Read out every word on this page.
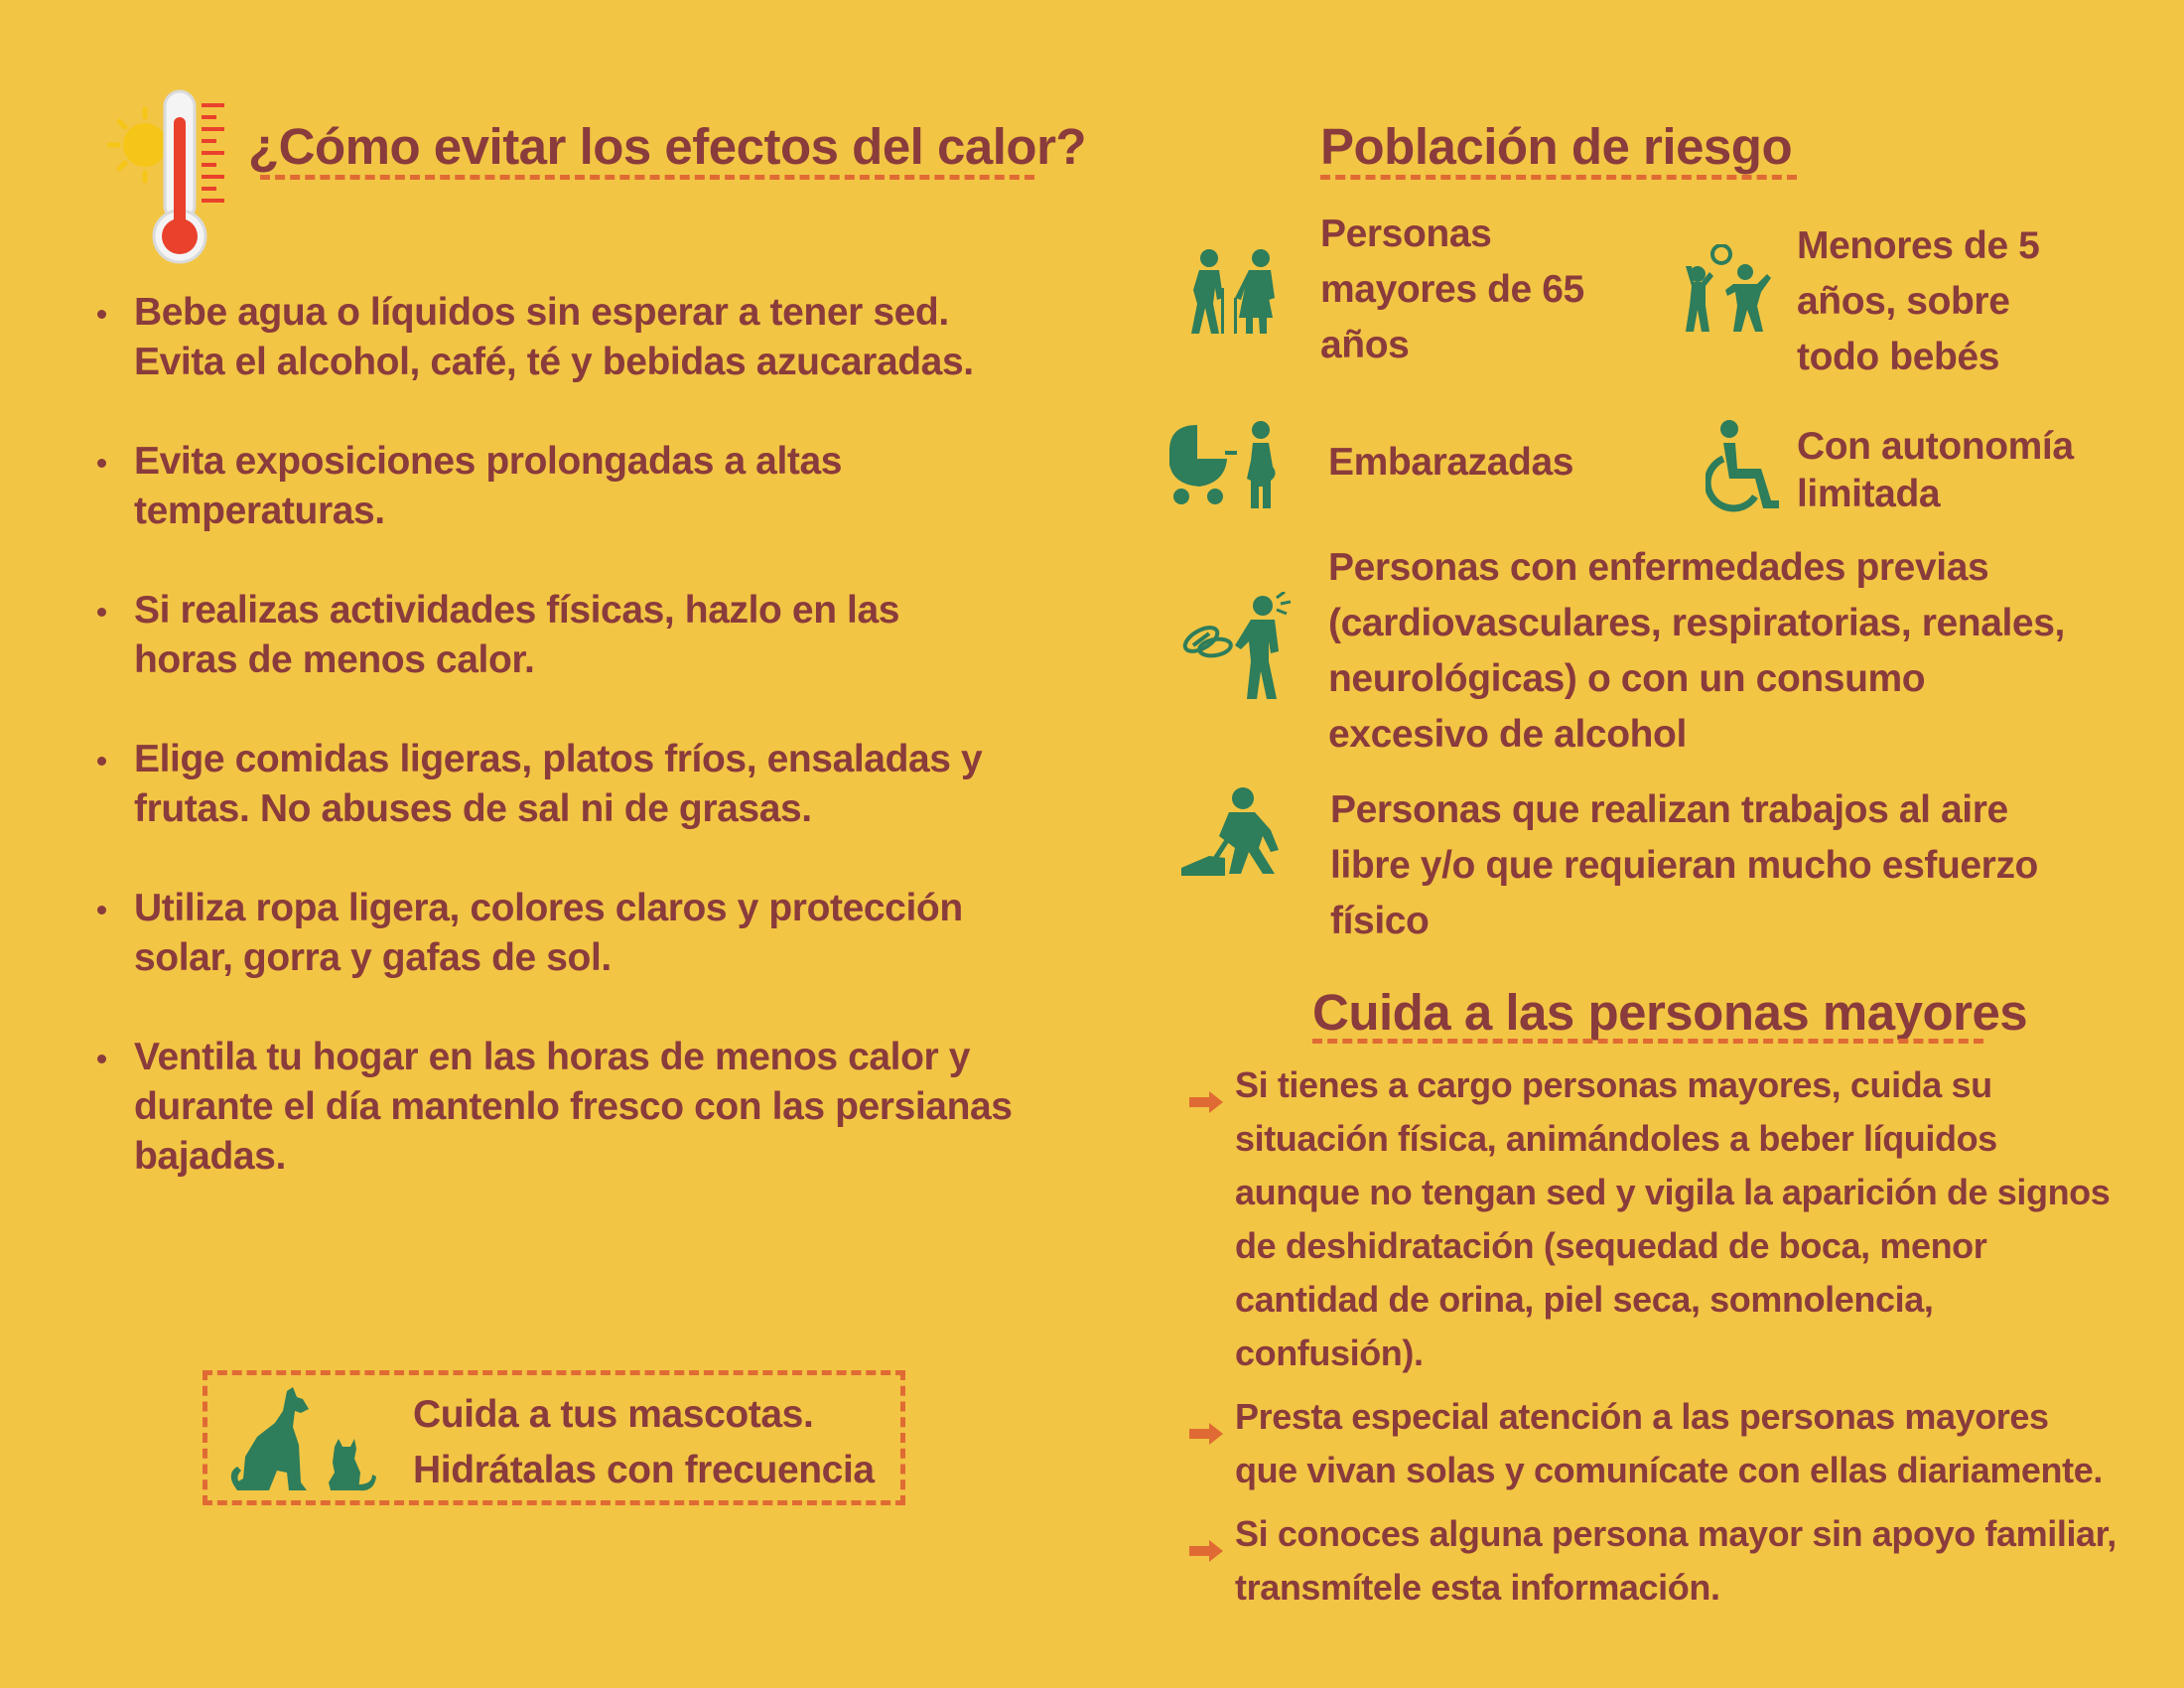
¿Cómo evitar los efectos del calor?
Bebe agua o líquidos sin esperar a tener sed. Evita el alcohol, café, té y bebidas azucaradas.
Evita exposiciones prolongadas a altas temperaturas.
Si realizas actividades físicas, hazlo en las horas de menos calor.
Elige comidas ligeras, platos fríos, ensaladas y frutas. No abuses de sal ni de grasas.
Utiliza ropa ligera, colores claros y protección solar, gorra y gafas de sol.
Ventila tu hogar en las horas de menos calor y durante el día mantenlo fresco con las persianas bajadas.
Cuida a tus mascotas.
Hidrátalas con frecuencia
Población de riesgo
Personas mayores de 65 años
Menores de 5 años, sobre todo bebés
Embarazadas	Con autonomía limitada
Personas con enfermedades previas (cardiovasculares, respiratorias, renales, neurológicas) o con un consumo excesivo de alcohol
Personas que realizan trabajos al aire libre y/o que requieran mucho esfuerzo físico
Cuida a las personas mayores
Si tienes a cargo personas mayores, cuida su situación física, animándoles a beber líquidos aunque no tengan sed y vigila la aparición de signos de deshidratación (sequedad de boca, menor cantidad de orina, piel seca, somnolencia, confusión).
Presta especial atención a las personas mayores que vivan solas y comunícate con ellas diariamente.
Si conoces alguna persona mayor sin apoyo familiar, transmítele esta información.
